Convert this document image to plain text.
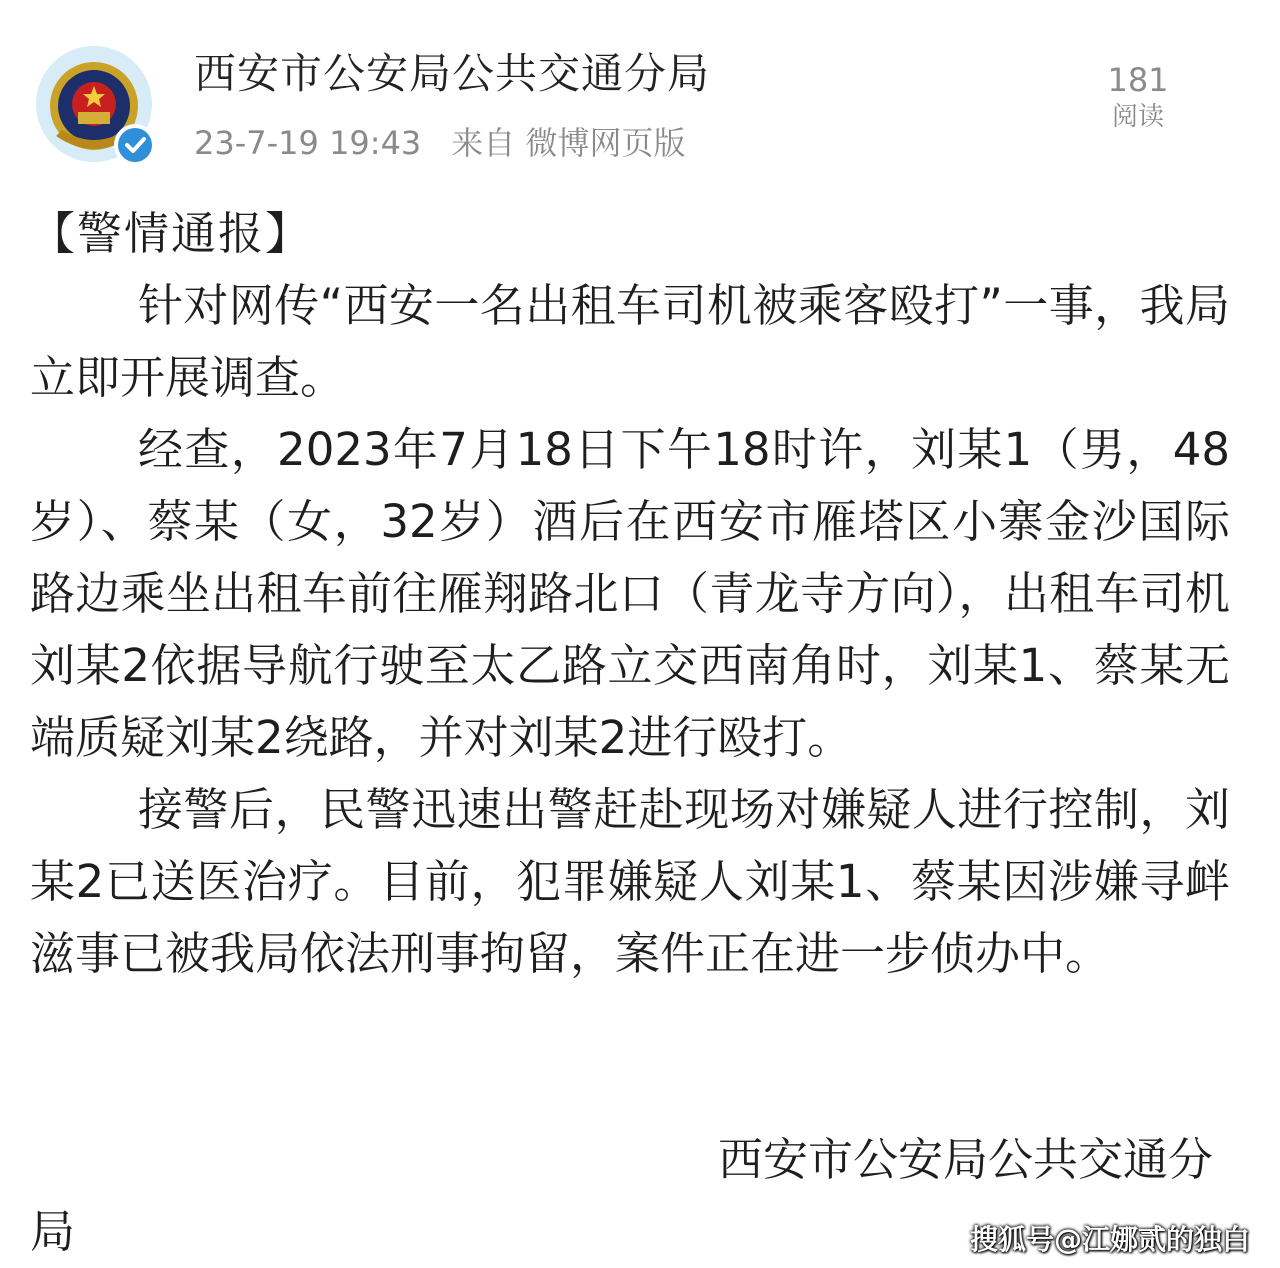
西安市公安局公共交通分局
23-7-19 19:43 来自 微博网页版
181
阅读

【警情通报】

针对网传“西安一名出租车司机被乘客殴打”一事，我局立即开展调查。

经查，2023年7月18日下午18时许，刘某1（男，48岁）、蔡某（女，32岁）酒后在西安市雁塔区小寨金沙国际路边乘坐出租车前往雁翔路北口（青龙寺方向），出租车司机刘某2依据导航行驶至太乙路立交西南角时，刘某1、蔡某无端质疑刘某2绕路，并对刘某2进行殴打。

接警后，民警迅速出警赶赴现场对嫌疑人进行控制，刘某2已送医治疗。目前，犯罪嫌疑人刘某1、蔡某因涉嫌寻衅滋事已被我局依法刑事拘留，案件正在进一步侦办中。

西安市公安局公共交通分局	搜狐号@江娜贰的独白
